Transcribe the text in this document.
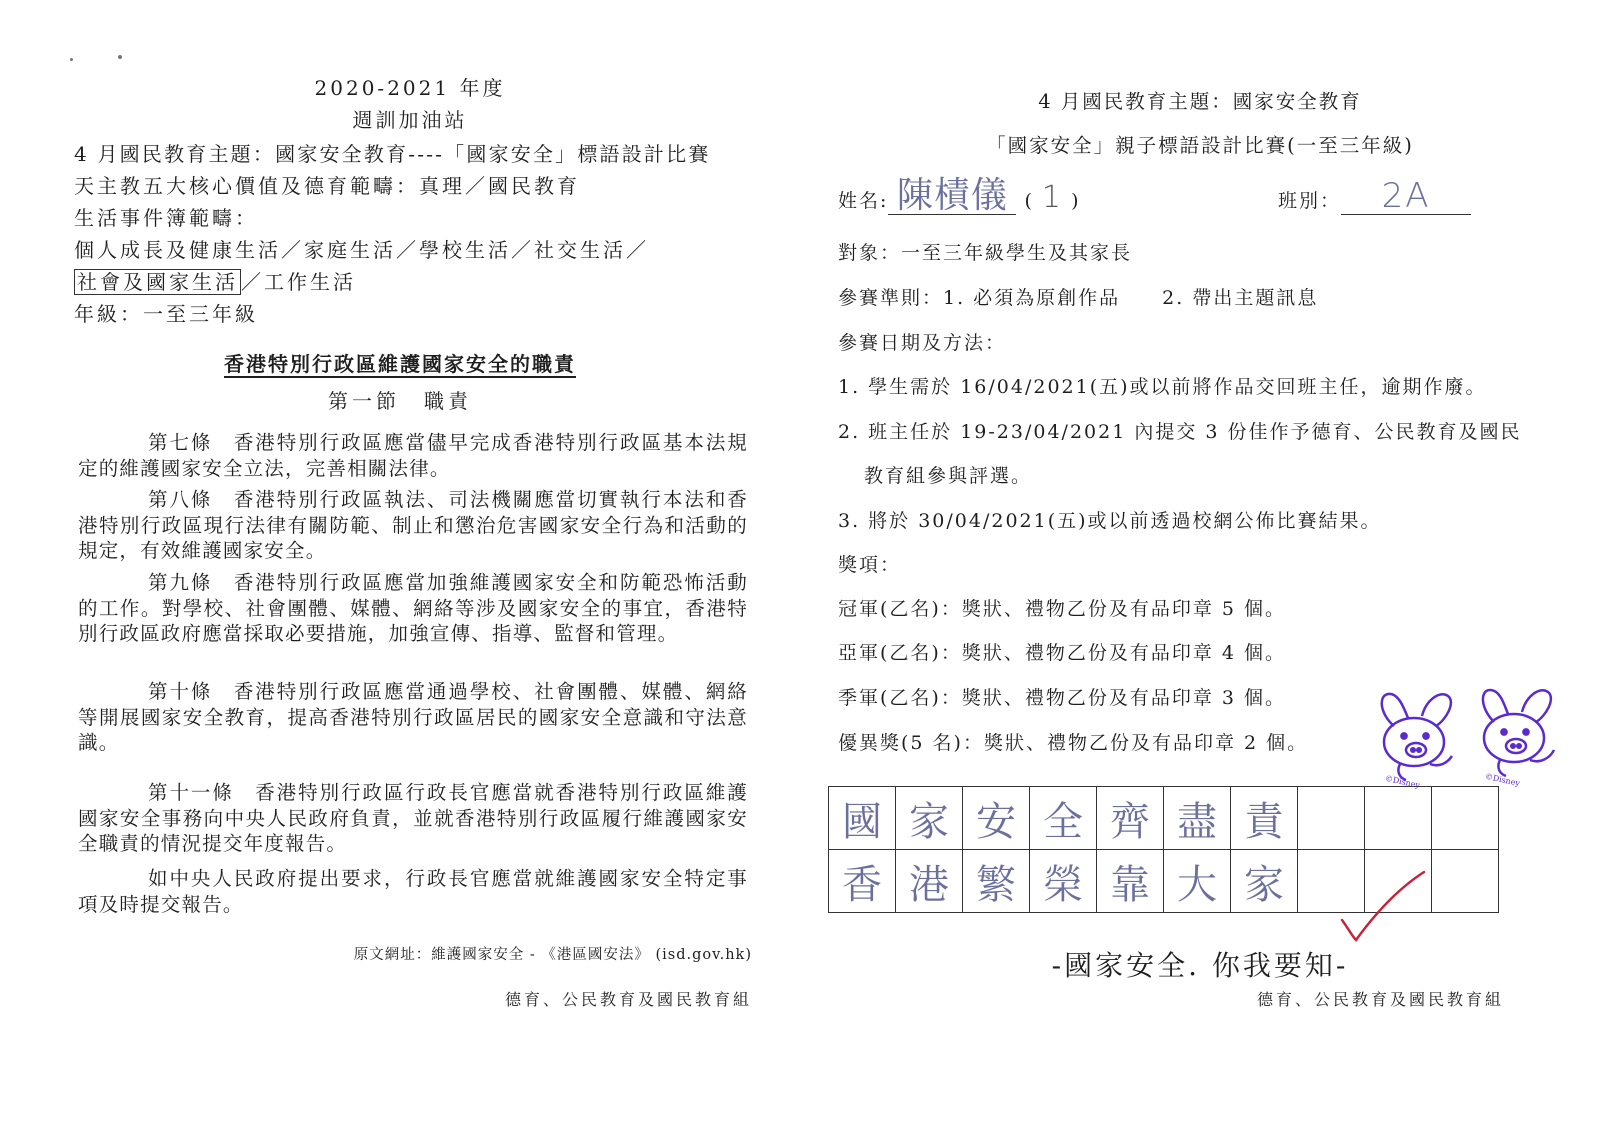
2020-2021 年度
週訓加油站
4 月國民教育主題：國家安全教育----「國家安全」標語設計比賽
天主教五大核心價值及德育範疇：真理／國民教育
生活事件簿範疇：
個人成長及健康生活／家庭生活／學校生活／社交生活／
社會及國家生活 ／工作生活
年級：一至三年級
香港特別行政區維護國家安全的職責
第一節　職責
第七條　香港特別行政區應當儘早完成香港特別行政區基本法規定的維護國家安全立法，完善相關法律。
第八條　香港特別行政區執法、司法機關應當切實執行本法和香港特別行政區現行法律有關防範、制止和懲治危害國家安全行為和活動的規定，有效維護國家安全。
第九條　香港特別行政區應當加強維護國家安全和防範恐怖活動的工作。對學校、社會團體、媒體、網絡等涉及國家安全的事宜，香港特別行政區政府應當採取必要措施，加強宣傳、指導、監督和管理。
第十條　香港特別行政區應當通過學校、社會團體、媒體、網絡等開展國家安全教育，提高香港特別行政區居民的國家安全意識和守法意識。
第十一條　香港特別行政區行政長官應當就香港特別行政區維護國家安全事務向中央人民政府負責，並就香港特別行政區履行維護國家安全職責的情況提交年度報告。
如中央人民政府提出要求，行政長官應當就維護國家安全特定事項及時提交報告。
原文網址：維護國家安全 - 《港區國安法》 (isd.gov.hk)
德育、公民教育及國民教育組
4 月國民教育主題：國家安全教育
「國家安全」親子標語設計比賽(一至三年級)
姓名: 陳樍儀 ( 1 )	班別： 2A
對象：一至三年級學生及其家長
參賽準則：1. 必須為原創作品　　2. 帶出主題訊息
參賽日期及方法：
1. 學生需於 16/04/2021(五)或以前將作品交回班主任，逾期作廢。
2. 班主任於 19-23/04/2021 內提交 3 份佳作予德育、公民教育及國民
教育組參與評選。
3. 將於 30/04/2021(五)或以前透過校網公佈比賽結果。
獎項：
冠軍(乙名)：獎狀、禮物乙份及有品印章 5 個。
亞軍(乙名)：獎狀、禮物乙份及有品印章 4 個。
季軍(乙名)：獎狀、禮物乙份及有品印章 3 個。
優異獎(5 名)：獎狀、禮物乙份及有品印章 2 個。
©Disney	©Disney
國	家	安	全	齊	盡	責			
香	港	繁	榮	靠	大	家			
-國家安全. 你我要知-
德育、公民教育及國民教育組
